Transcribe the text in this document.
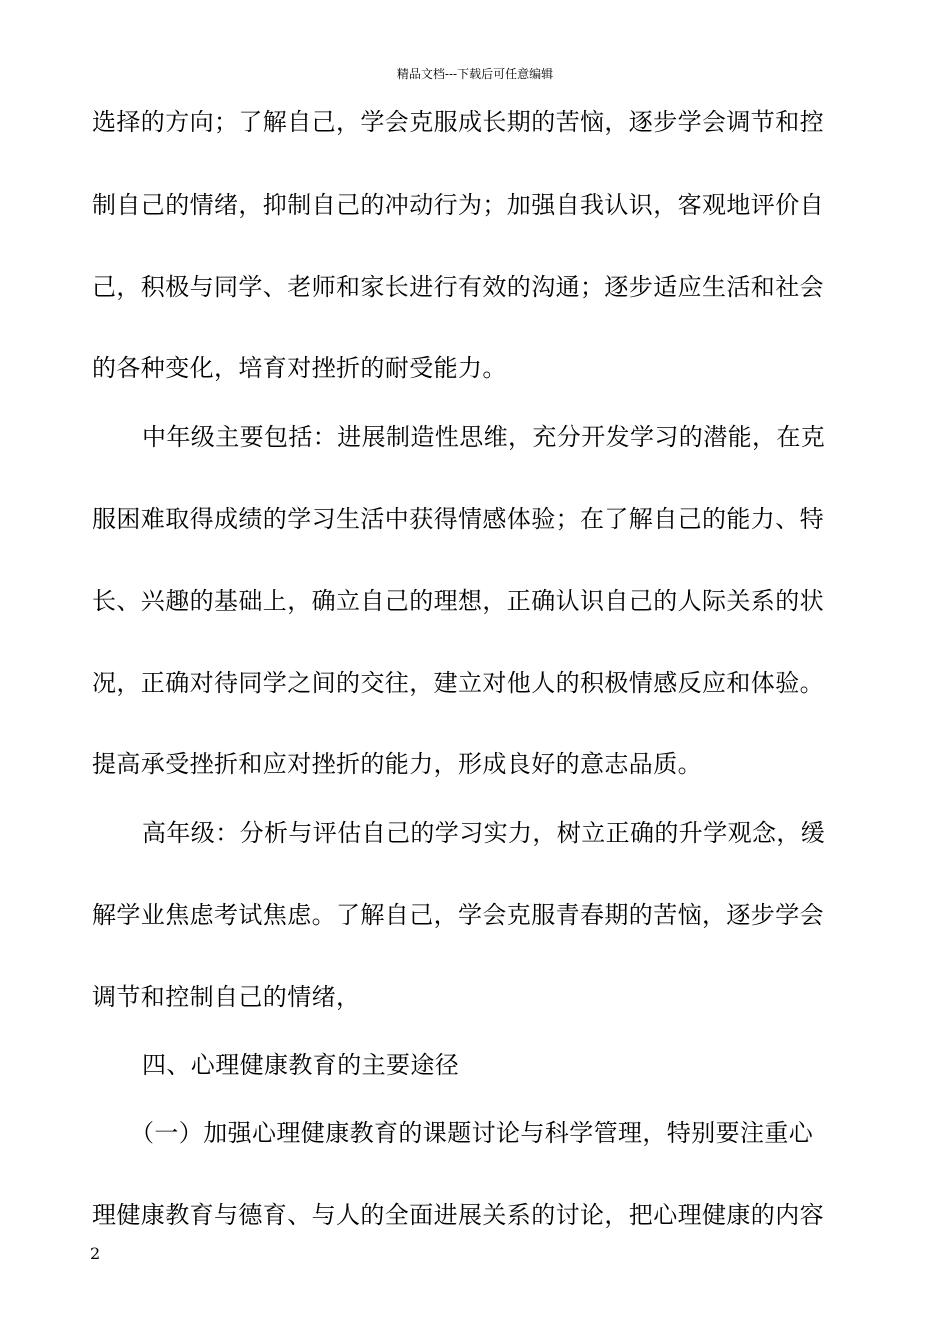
精品文档---下载后可任意编辑
选择的方向；了解自己，学会克服成长期的苦恼，逐步学会调节和控
制自己的情绪，抑制自己的冲动行为；加强自我认识，客观地评价自
己，积极与同学、老师和家长进行有效的沟通；逐步适应生活和社会
的各种变化，培育对挫折的耐受能力。
中年级主要包括：进展制造性思维，充分开发学习的潜能，在克
服困难取得成绩的学习生活中获得情感体验；在了解自己的能力、特
长、兴趣的基础上，确立自己的理想，正确认识自己的人际关系的状
况，正确对待同学之间的交往，建立对他人的积极情感反应和体验。
提高承受挫折和应对挫折的能力，形成良好的意志品质。
高年级：分析与评估自己的学习实力，树立正确的升学观念，缓
解学业焦虑考试焦虑。了解自己，学会克服青春期的苦恼，逐步学会
调节和控制自己的情绪，
四、心理健康教育的主要途径
（一）加强心理健康教育的课题讨论与科学管理，特别要注重心
理健康教育与德育、与人的全面进展关系的讨论，把心理健康的内容
2
